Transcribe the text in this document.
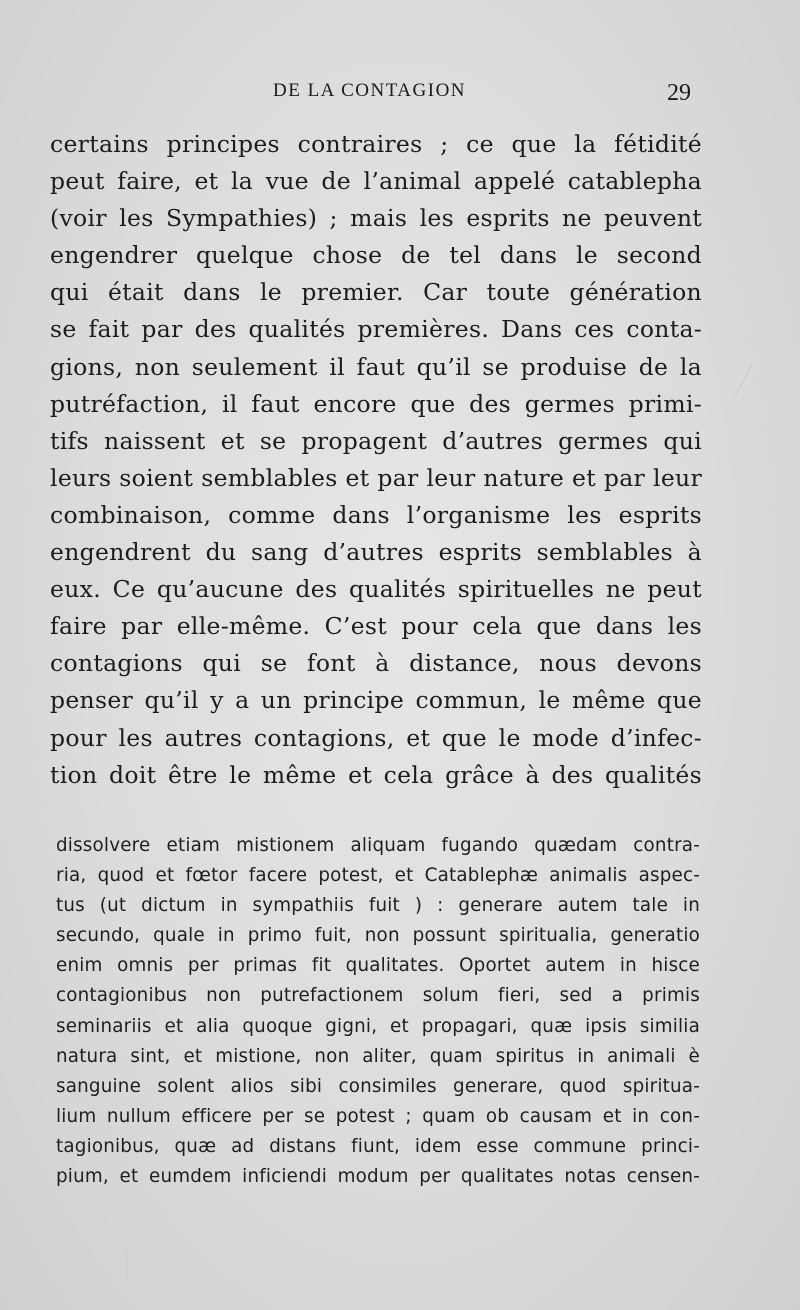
DE LA CONTAGION	29

certains principes contraires ; ce que la fétidité
peut faire, et la vue de l’animal appelé catablepha
(voir les Sympathies) ; mais les esprits ne peuvent
engendrer quelque chose de tel dans le second
qui était dans le premier. Car toute génération
se fait par des qualités premières. Dans ces conta-
gions, non seulement il faut qu’il se produise de la
putréfaction, il faut encore que des germes primi-
tifs naissent et se propagent d’autres germes qui
leurs soient semblables et par leur nature et par leur
combinaison, comme dans l’organisme les esprits
engendrent du sang d’autres esprits semblables à
eux. Ce qu’aucune des qualités spirituelles ne peut
faire par elle-même. C’est pour cela que dans les
contagions qui se font à distance, nous devons
penser qu’il y a un principe commun, le même que
pour les autres contagions, et que le mode d’infec-
tion doit être le même et cela grâce à des qualités

dissolvere etiam mistionem aliquam fugando quædam contra-
ria, quod et fœtor facere potest, et Catablephæ animalis aspec-
tus (ut dictum in sympathiis fuit ) : generare autem tale in
secundo, quale in primo fuit, non possunt spiritualia, generatio
enim omnis per primas fit qualitates. Oportet autem in hisce
contagionibus non putrefactionem solum fieri, sed a primis
seminariis et alia quoque gigni, et propagari, quæ ipsis similia
natura sint, et mistione, non aliter, quam spiritus in animali è
sanguine solent alios sibi consimiles generare, quod spiritua-
lium nullum efficere per se potest ; quam ob causam et in con-
tagionibus, quæ ad distans fiunt, idem esse commune princi-
pium, et eumdem inficiendi modum per qualitates notas censen-
